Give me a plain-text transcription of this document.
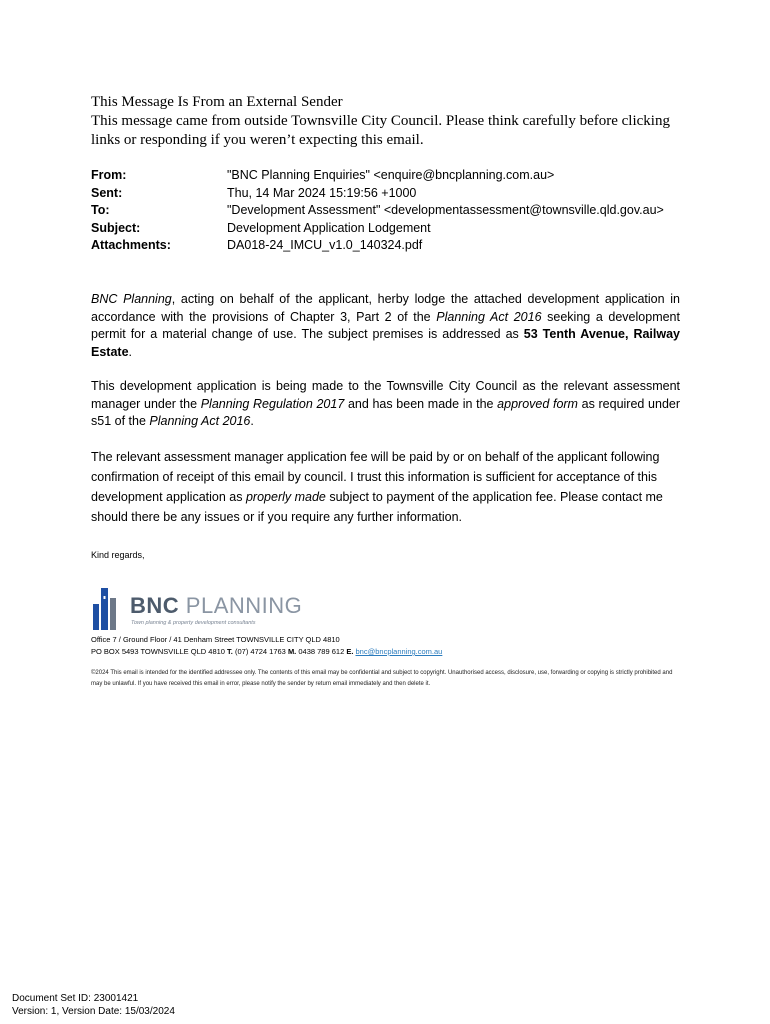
This Message Is From an External Sender
This message came from outside Townsville City Council. Please think carefully before clicking
links or responding if you weren’t expecting this email.
From:	"BNC Planning Enquiries" <enquire@bncplanning.com.au>
Sent:	Thu, 14 Mar 2024 15:19:56 +1000
To:	"Development Assessment" <developmentassessment@townsville.qld.gov.au>
Subject:	Development Application Lodgement
Attachments:	DA018-24_IMCU_v1.0_140324.pdf
BNC Planning, acting on behalf of the applicant, herby lodge the attached development application in accordance with the provisions of Chapter 3, Part 2 of the Planning Act 2016 seeking a development permit for a material change of use. The subject premises is addressed as 53 Tenth Avenue, Railway Estate.
This development application is being made to the Townsville City Council as the relevant assessment manager under the Planning Regulation 2017 and has been made in the approved form as required under s51 of the Planning Act 2016.
The relevant assessment manager application fee will be paid by or on behalf of the applicant following confirmation of receipt of this email by council. I trust this information is sufficient for acceptance of this development application as properly made subject to payment of the application fee. Please contact me should there be any issues or if you require any further information.
Kind regards,
BNC PLANNING
Town planning & property development consultants
Office 7 / Ground Floor / 41 Denham Street TOWNSVILLE CITY QLD 4810
PO BOX 5493 TOWNSVILLE QLD 4810 T. (07) 4724 1763 M. 0438 789 612 E. bnc@bncplanning.com.au
©2024 This email is intended for the identified addressee only. The contents of this email may be confidential and subject to copyright. Unauthorised access, disclosure, use, forwarding or copying is strictly prohibited and may be unlawful. If you have received this email in error, please notify the sender by return email immediately and then delete it.
Document Set ID: 23001421
Version: 1, Version Date: 15/03/2024
